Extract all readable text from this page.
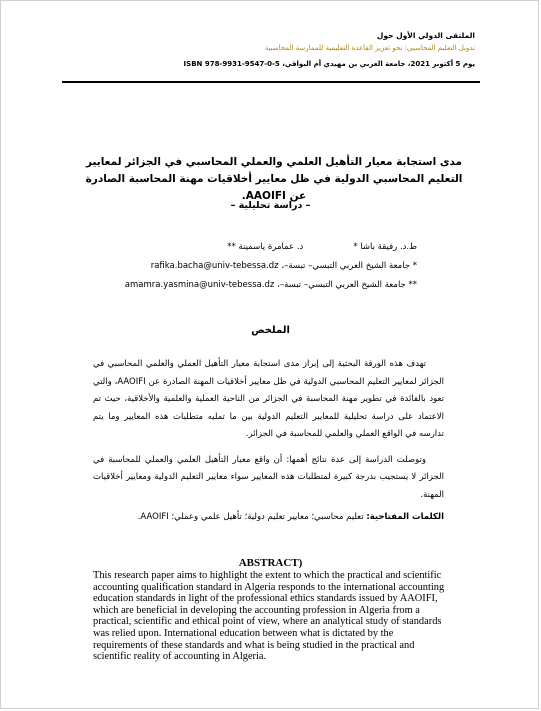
الملتقى الدولي الأول حول
تدويل التعليم المحاسبي: نحو تعزيز القاعدة التعليمية للممارسة المحاسبية
يوم 5 أكتوبر 2021، جامعة العربي بن مهيدي أم البواقي، ISBN 978-9931-9547-0-5
مدى استجابة معيار التأهيل العلمي والعملي المحاسبي في الجزائر لمعايير التعليم المحاسبي الدولية في ظل معايير أخلاقيات مهنة المحاسبة الصادرة عن AAOIFI.
– دراسة تحليلية –
ط.د. رفيقة باشا *
د. عمامرة ياسمينة **
* جامعة الشيخ العربي التبسي– تبسة–، rafika.bacha@univ-tebessa.dz
** جامعة الشيخ العربي التبسي– تبسة–، amamra.yasmina@univ-tebessa.dz
الملخص

تهدف هذه الورقة البحثية إلى إبراز مدى استجابة معيار التأهيل العملي والعلمي المحاسبي في الجزائر لمعايير التعليم المحاسبي الدولية في ظل معايير أخلاقيات المهنة الصادرة عن AAOIFI، والتي تعود بالفائدة في تطوير مهنة المحاسبة في الجزائر من الناحية العملية والعلمية والأخلاقية، حيث تم الاعتماد على دراسة تحليلية للمعايير التعليم الدولية بين ما تمليه متطلبات هذه المعايير وما يتم تدارسه في الواقع العملي والعلمي للمحاسبة في الجزائر.

وتوصلت الدراسة إلى عدة نتائج أهمها: أن واقع معيار التأهيل العلمي والعملي للمحاسبة في الجزائر لا يستجيب بدرجة كبيرة لمتطلبات هذه المعايير سواء معايير التعليم الدولية ومعايير أخلاقيات المهنة.

الكلمات المفتاحية: تعليم محاسبي؛ معايير تعليم دولية؛ تأهيل علمي وعملي؛ AAOIFI.
ABSTRACT)

This research paper aims to highlight the extent to which the practical and scientific accounting qualification standard in Algeria responds to the international accounting education standards in light of the professional ethics standards issued by AAOIFI, which are beneficial in developing the accounting profession in Algeria from a practical, scientific and ethical point of view, where an analytical study of standards was relied upon. International education between what is dictated by the requirements of these standards and what is being studied in the practical and scientific reality of accounting in Algeria.
